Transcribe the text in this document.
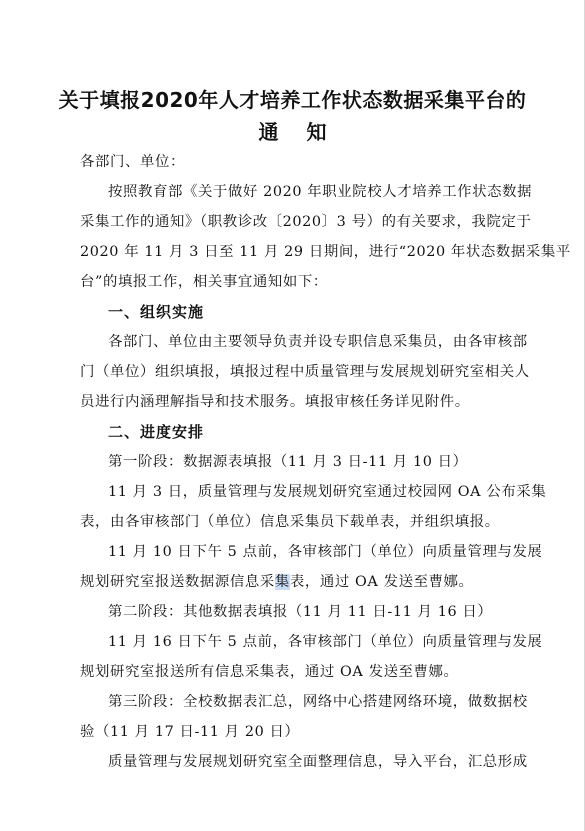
关于填报2020年人才培养工作状态数据采集平台的
通知
各部门、单位：
按照教育部《关于做好 2020 年职业院校人才培养工作状态数据
采集工作的通知》（职教诊改〔2020〕3 号）的有关要求，我院定于
2020 年 11 月 3 日至 11 月 29 日期间，进行“2020 年状态数据采集平
台”的填报工作，相关事宜通知如下：
一、组织实施
各部门、单位由主要领导负责并设专职信息采集员，由各审核部
门（单位）组织填报，填报过程中质量管理与发展规划研究室相关人
员进行内涵理解指导和技术服务。填报审核任务详见附件。
二、进度安排
第一阶段：数据源表填报（11 月 3 日-11 月 10 日）
11 月 3 日，质量管理与发展规划研究室通过校园网 OA 公布采集
表，由各审核部门（单位）信息采集员下载单表，并组织填报。
11 月 10 日下午 5 点前，各审核部门（单位）向质量管理与发展
规划研究室报送数据源信息采集表，通过 OA 发送至曹娜。
第二阶段：其他数据表填报（11 月 11 日-11 月 16 日）
11 月 16 日下午 5 点前，各审核部门（单位）向质量管理与发展
规划研究室报送所有信息采集表，通过 OA 发送至曹娜。
第三阶段：全校数据表汇总，网络中心搭建网络环境，做数据校
验（11 月 17 日-11 月 20 日）
质量管理与发展规划研究室全面整理信息，导入平台，汇总形成
